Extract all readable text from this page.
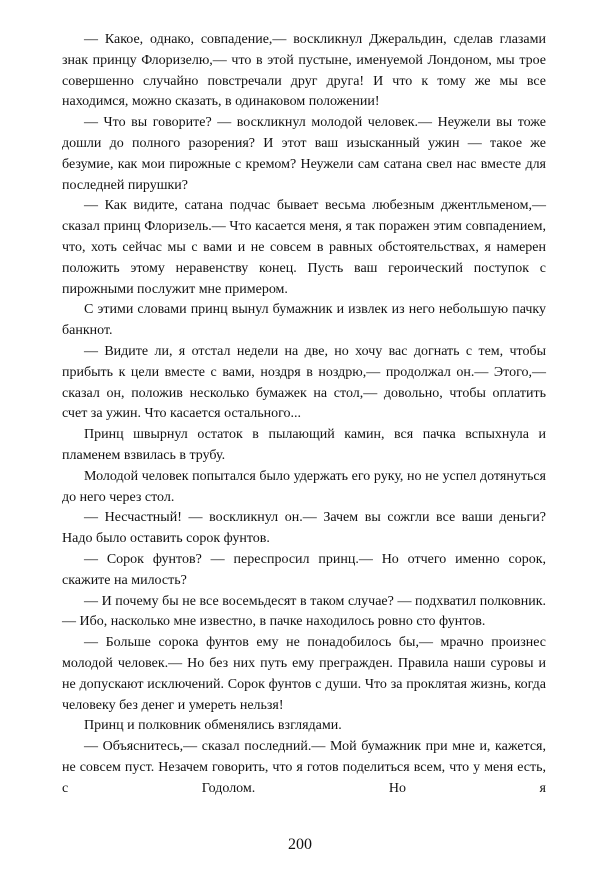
— Какое, однако, совпадение,— воскликнул Джеральдин, сделав глазами знак принцу Флоризелю,— что в этой пустыне, именуемой Лондоном, мы трое совершенно случайно повстречали друг друга! И что к тому же мы все находимся, можно сказать, в одинаковом положении!

— Что вы говорите? — воскликнул молодой человек.— Неужели вы тоже дошли до полного разорения? И этот ваш изысканный ужин — такое же безумие, как мои пирожные с кремом? Неужели сам сатана свел нас вместе для последней пирушки?

— Как видите, сатана подчас бывает весьма любезным джентльменом,— сказал принц Флоризель.— Что касается меня, я так поражен этим совпадением, что, хоть сейчас мы с вами и не совсем в равных обстоятельствах, я намерен положить этому неравенству конец. Пусть ваш героический поступок с пирожными послужит мне примером.

С этими словами принц вынул бумажник и извлек из него небольшую пачку банкнот.

— Видите ли, я отстал недели на две, но хочу вас догнать с тем, чтобы прибыть к цели вместе с вами, ноздря в ноздрю,— продолжал он.— Этого,— сказал он, положив несколько бумажек на стол,— довольно, чтобы оплатить счет за ужин. Что касается остального...

Принц швырнул остаток в пылающий камин, вся пачка вспыхнула и пламенем взвилась в трубу.

Молодой человек попытался было удержать его руку, но не успел дотянуться до него через стол.

— Несчастный! — воскликнул он.— Зачем вы сожгли все ваши деньги? Надо было оставить сорок фунтов.

— Сорок фунтов? — переспросил принц.— Но отчего именно сорок, скажите на милость?

— И почему бы не все восемьдесят в таком случае? — подхватил полковник.— Ибо, насколько мне известно, в пачке находилось ровно сто фунтов.

— Больше сорока фунтов ему не понадобилось бы,— мрачно произнес молодой человек.— Но без них путь ему прегражден. Правила наши суровы и не допускают исключений. Сорок фунтов с души. Что за проклятая жизнь, когда человеку без денег и умереть нельзя!

Принц и полковник обменялись взглядами.

— Объяснитесь,— сказал последний.— Мой бумажник при мне и, кажется, не совсем пуст. Незачем говорить, что я готов поделиться всем, что у меня есть, с Годолом. Но я

200
